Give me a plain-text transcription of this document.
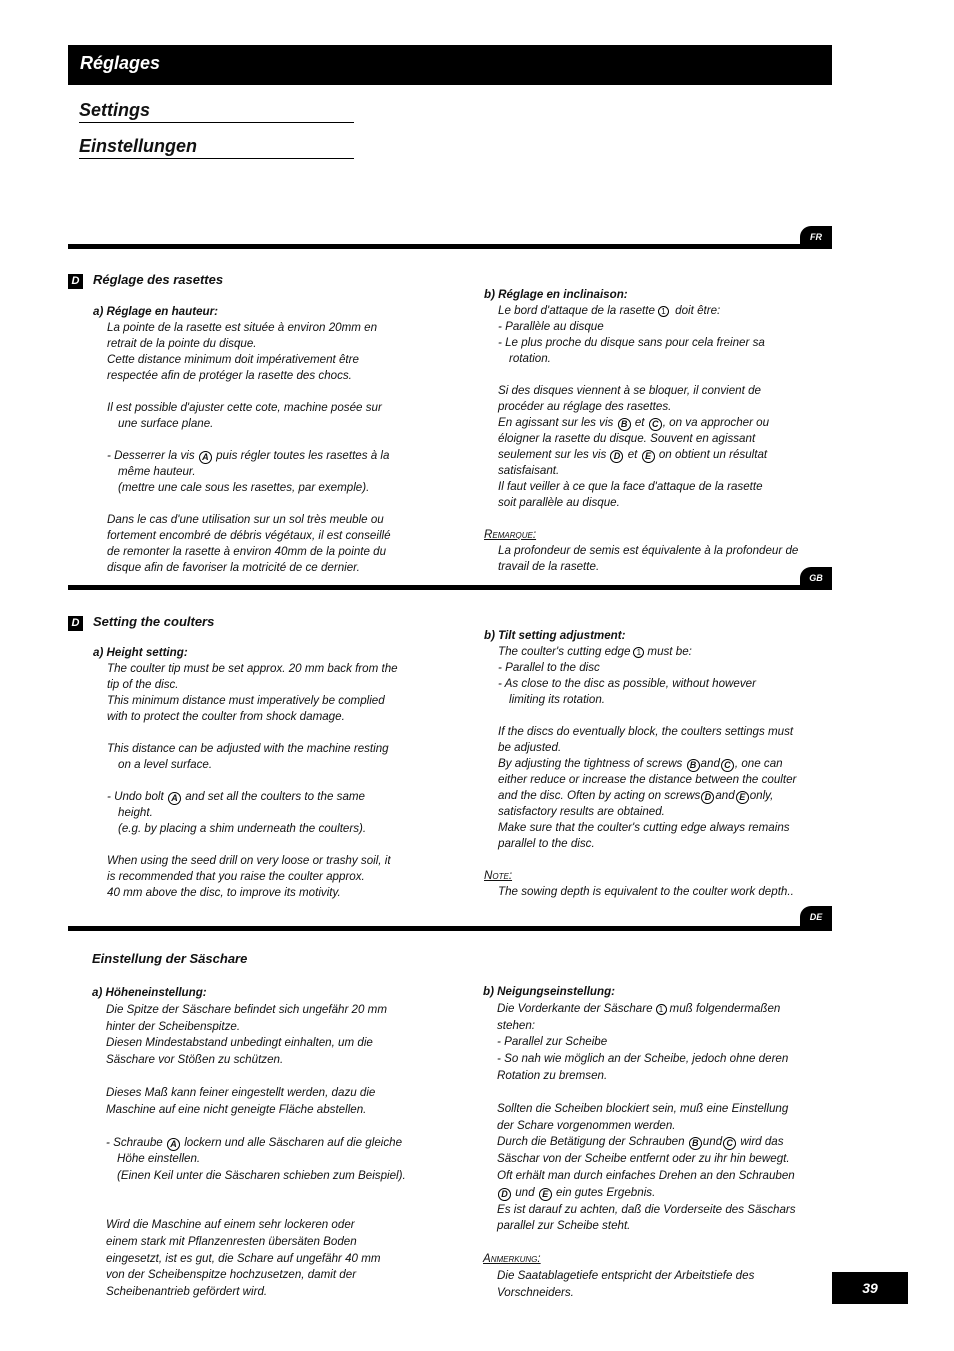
Réglages
Settings
Einstellungen
FR
D Réglage des rasettes
a) Réglage en hauteur:
La pointe de la rasette est située à environ 20mm en
retrait de la pointe du disque.
Cette distance minimum doit impérativement être
respectée afin de protéger la rasette des chocs.
Il est possible d'ajuster cette cote, machine posée sur
une surface plane.
- Desserrer la vis A puis régler toutes les rasettes à la
même hauteur.
(mettre une cale sous les rasettes, par exemple).
Dans le cas d'une utilisation sur un sol très meuble ou
fortement encombré de débris végétaux, il est conseillé
de remonter la rasette à environ 40mm de la pointe du
disque afin de favoriser la motricité de ce dernier.
b) Réglage en inclinaison:
Le bord d'attaque de la rasette 1 doit être:
- Parallèle au disque
- Le plus proche du disque sans pour cela freiner sa
rotation.
Si des disques viennent à se bloquer, il convient de
procéder au réglage des rasettes.
En agissant sur les vis B et C , on va approcher ou
éloigner la rasette du disque. Souvent en agissant
seulement sur les vis D et E on obtient un résultat
satisfaisant.
Il faut veiller à ce que la face d'attaque de la rasette
soit parallèle au disque.
Remarque:
La profondeur de semis est équivalente à la profondeur de
travail de la rasette.
GB
D Setting the coulters
a) Height setting:
The coulter tip must be set approx. 20 mm back from the
tip of the disc.
This minimum distance must imperatively be complied
with to protect the coulter from shock damage.
This distance can be adjusted with the machine resting
on a level surface.
- Undo bolt A and set all the coulters to the same
height.
(e.g. by placing a shim underneath the coulters).
When using the seed drill on very loose or trashy soil, it
is recommended that you raise the coulter approx.
40 mm above the disc, to improve its motivity.
b) Tilt setting adjustment:
The coulter's cutting edge 1 must be:
- Parallel to the disc
- As close to the disc as possible, without however
limiting its rotation.
If the discs do eventually block, the coulters settings must
be adjusted.
By adjusting the tightness of screws B and C , one can
either reduce or increase the distance between the coulter
and the disc. Often by acting on screws D and E only,
satisfactory results are obtained.
Make sure that the coulter's cutting edge always remains
parallel to the disc.
Note:
The sowing depth is equivalent to the coulter work depth..
DE
Einstellung der Säschare
a) Höheneinstellung:
Die Spitze der Säschare befindet sich ungefähr 20 mm
hinter der Scheibenspitze.
Diesen Mindestabstand unbedingt einhalten, um die
Säschare vor Stößen zu schützen.
Dieses Maß kann feiner eingestellt werden, dazu die
Maschine auf eine nicht geneigte Fläche abstellen.
- Schraube A lockern und alle Säscharen auf die gleiche
Höhe einstellen.
(Einen Keil unter die Säscharen schieben zum Beispiel).
Wird die Maschine auf einem sehr lockeren oder
einem stark mit Pflanzenresten übersäten Boden
eingesetzt, ist es gut, die Schare auf ungefähr 40 mm
von der Scheibenspitze hochzusetzen, damit der
Scheibenantrieb gefördert wird.
b) Neigungseinstellung:
Die Vorderkante der Säschare 1 muß folgendermaßen
stehen:
- Parallel zur Scheibe
- So nah wie möglich an der Scheibe, jedoch ohne deren
Rotation zu bremsen.
Sollten die Scheiben blockiert sein, muß eine Einstellung
der Schare vorgenommen werden.
Durch die Betätigung der Schrauben B und C wird das
Säschar von der Scheibe entfernt oder zu ihr hin bewegt.
Oft erhält man durch einfaches Drehen an den Schrauben
D und E ein gutes Ergebnis.
Es ist darauf zu achten, daß die Vorderseite des Säschars
parallel zur Scheibe steht.
Anmerkung:
Die Saatablagetiefe entspricht der Arbeitstiefe des
Vorschneiders.	39
